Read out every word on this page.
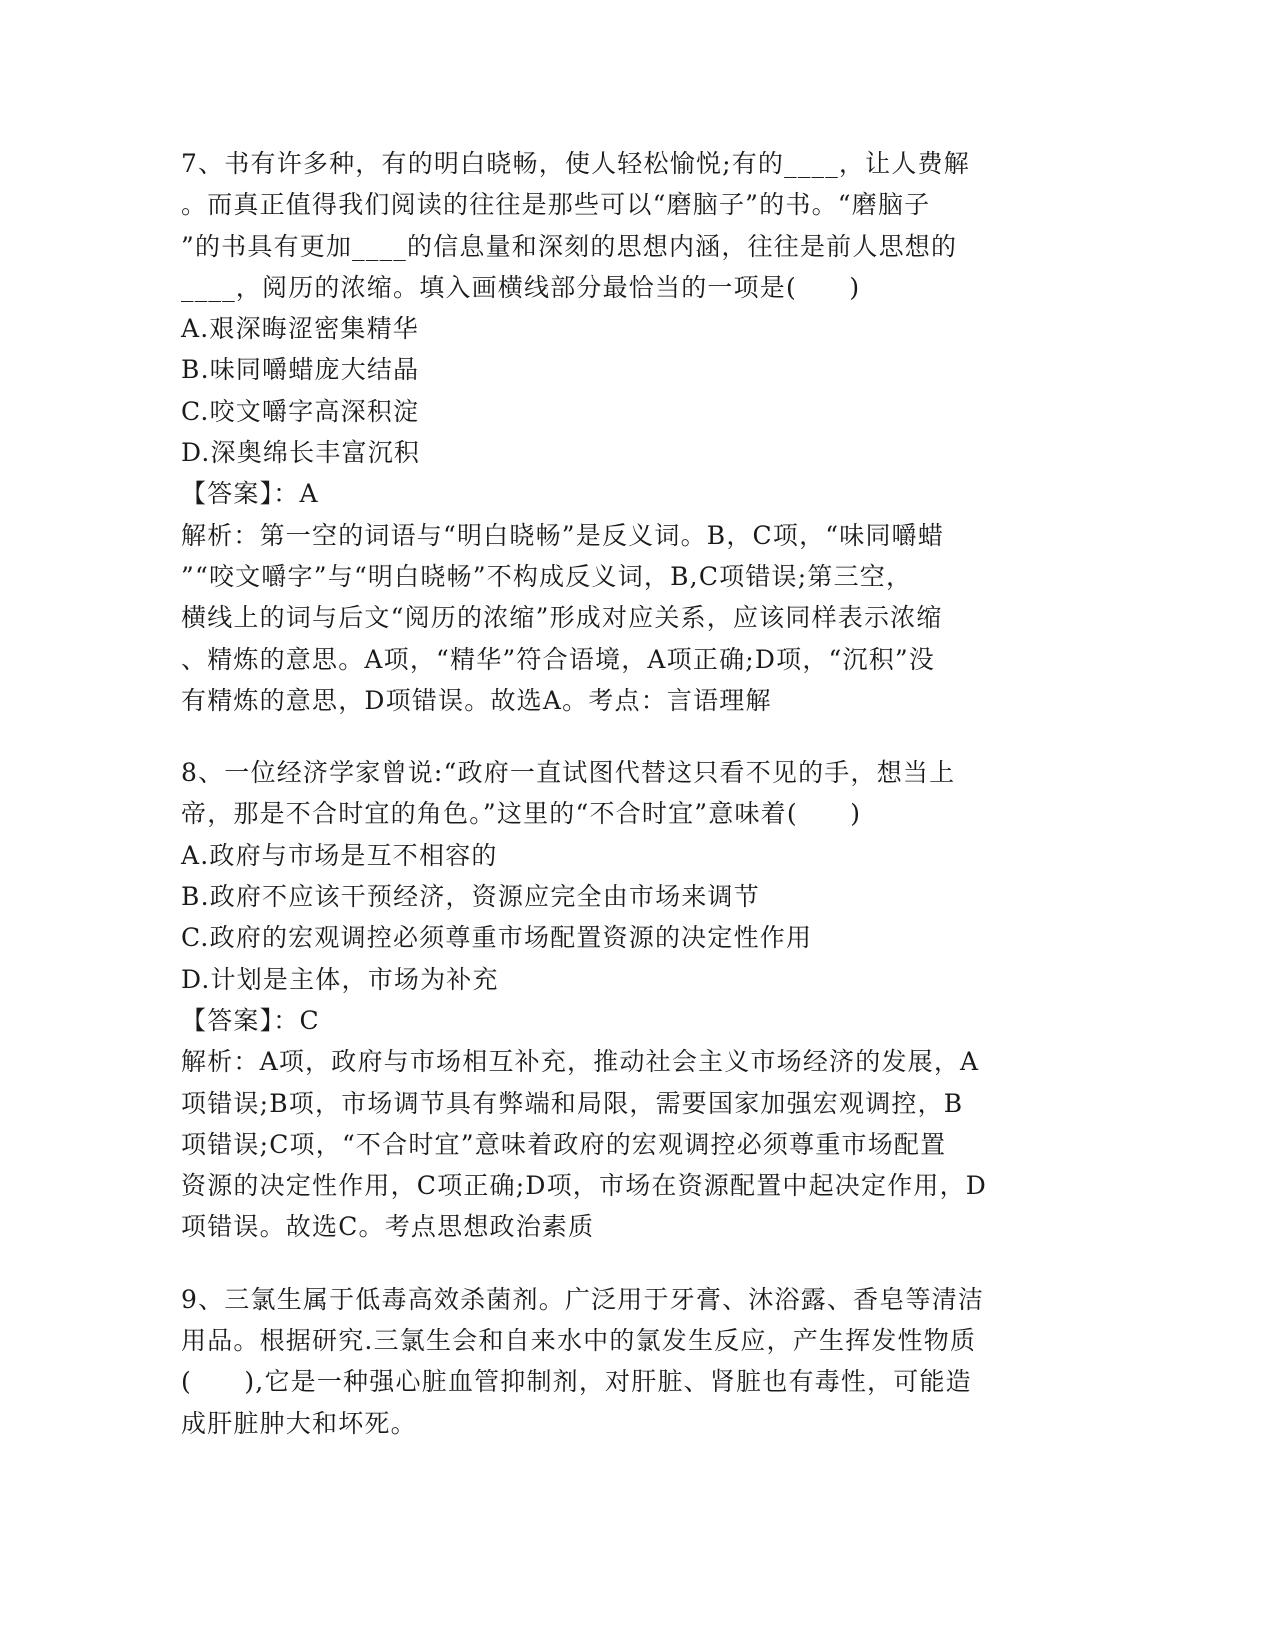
7、书有许多种，有的明白晓畅，使人轻松愉悦;有的____，让人费解
。而真正值得我们阅读的往往是那些可以“磨脑子”的书。“磨脑子
”的书具有更加____的信息量和深刻的思想内涵，往往是前人思想的
____，阅历的浓缩。填入画横线部分最恰当的一项是(　　)
A.艰深晦涩密集精华
B.味同嚼蜡庞大结晶
C.咬文嚼字高深积淀
D.深奥绵长丰富沉积
【答案】：A
解析：第一空的词语与“明白晓畅”是反义词。B，C项，“味同嚼蜡
”“咬文嚼字”与“明白晓畅”不构成反义词，B,C项错误;第三空，
横线上的词与后文“阅历的浓缩”形成对应关系，应该同样表示浓缩
、精炼的意思。A项，“精华”符合语境，A项正确;D项，“沉积”没
有精炼的意思，D项错误。故选A。考点：言语理解
8、一位经济学家曾说:“政府一直试图代替这只看不见的手，想当上
帝，那是不合时宜的角色。”这里的“不合时宜”意味着(　　)
A.政府与市场是互不相容的
B.政府不应该干预经济，资源应完全由市场来调节
C.政府的宏观调控必须尊重市场配置资源的决定性作用
D.计划是主体，市场为补充
【答案】：C
解析：A项，政府与市场相互补充，推动社会主义市场经济的发展，A
项错误;B项，市场调节具有弊端和局限，需要国家加强宏观调控，B
项错误;C项，“不合时宜”意味着政府的宏观调控必须尊重市场配置
资源的决定性作用，C项正确;D项，市场在资源配置中起决定作用，D
项错误。故选C。考点思想政治素质
9、三氯生属于低毒高效杀菌剂。广泛用于牙膏、沐浴露、香皂等清洁
用品。根据研究.三氯生会和自来水中的氯发生反应，产生挥发性物质
(　　),它是一种强心脏血管抑制剂，对肝脏、肾脏也有毒性，可能造
成肝脏肿大和坏死。
